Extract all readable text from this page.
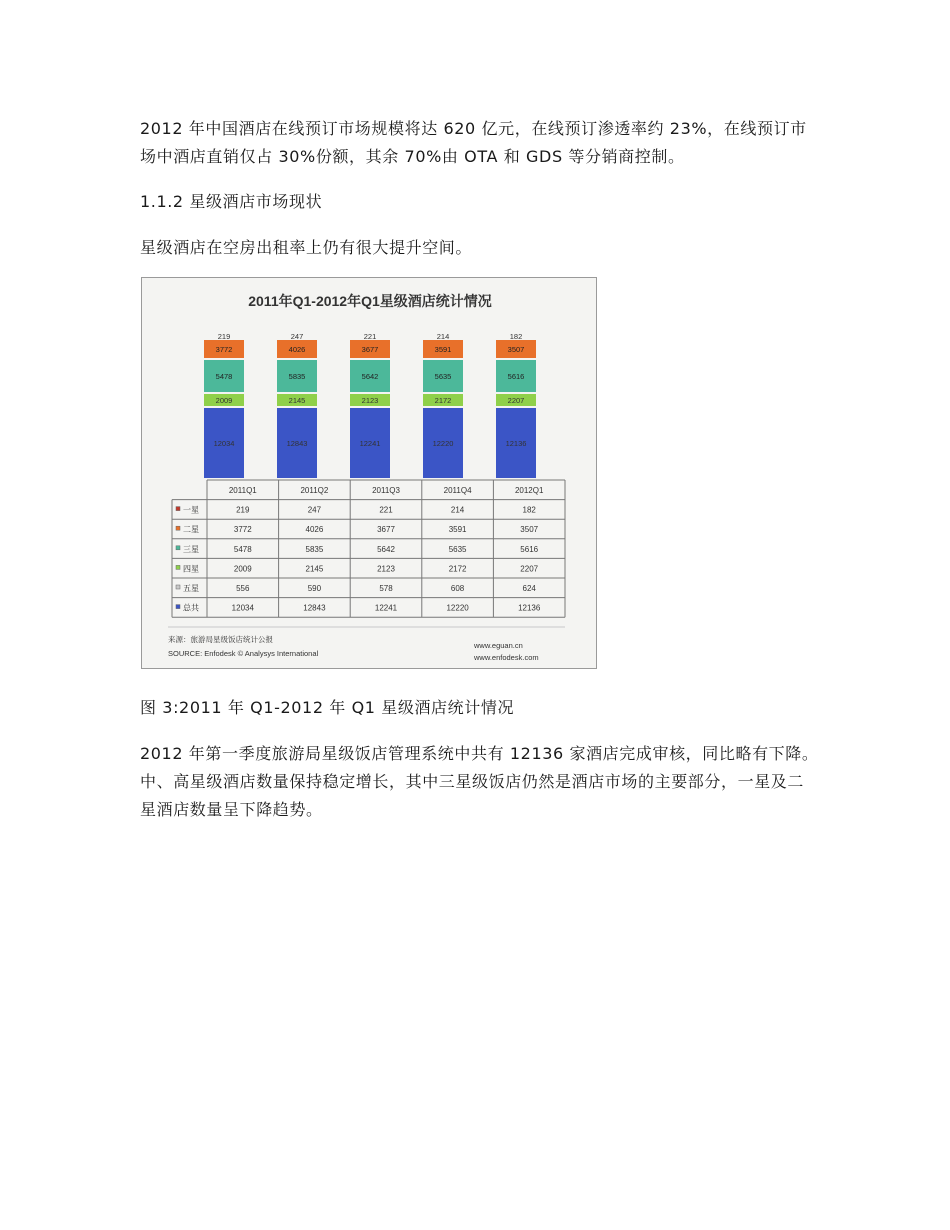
2012 年中国酒店在线预订市场规模将达 620 亿元，在线预订渗透率约 23%，在线预订市场中酒店直销仅占 30%份额，其余 70%由 OTA 和 GDS 等分销商控制。

1.1.2 星级酒店市场现状

星级酒店在空房出租率上仍有很大提升空间。

2011年Q1-2012年Q1星级酒店统计情况
12034
2009
5478
3772
219
12843
2145
5835
4026
247
12241
2123
5642
3677
221
12220
2172
5635
3591
214
12136
2207
5616
3507
182
2011Q1	2011Q2	2011Q3	2011Q4	2012Q1
一星	219	247	221	214	182
二星	3772	4026	3677	3591	3507
三星	5478	5835	5642	5635	5616
四星	2009	2145	2123	2172	2207
五星	556	590	578	608	624
总共	12034	12843	12241	12220	12136
来源：旅游局星级饭店统计公报
SOURCE: Enfodesk © Analysys International
www.eguan.cn
www.enfodesk.com

图 3:2011 年 Q1-2012 年 Q1 星级酒店统计情况

2012 年第一季度旅游局星级饭店管理系统中共有 12136 家酒店完成审核，同比略有下降。中、高星级酒店数量保持稳定增长，其中三星级饭店仍然是酒店市场的主要部分，一星及二星酒店数量呈下降趋势。
